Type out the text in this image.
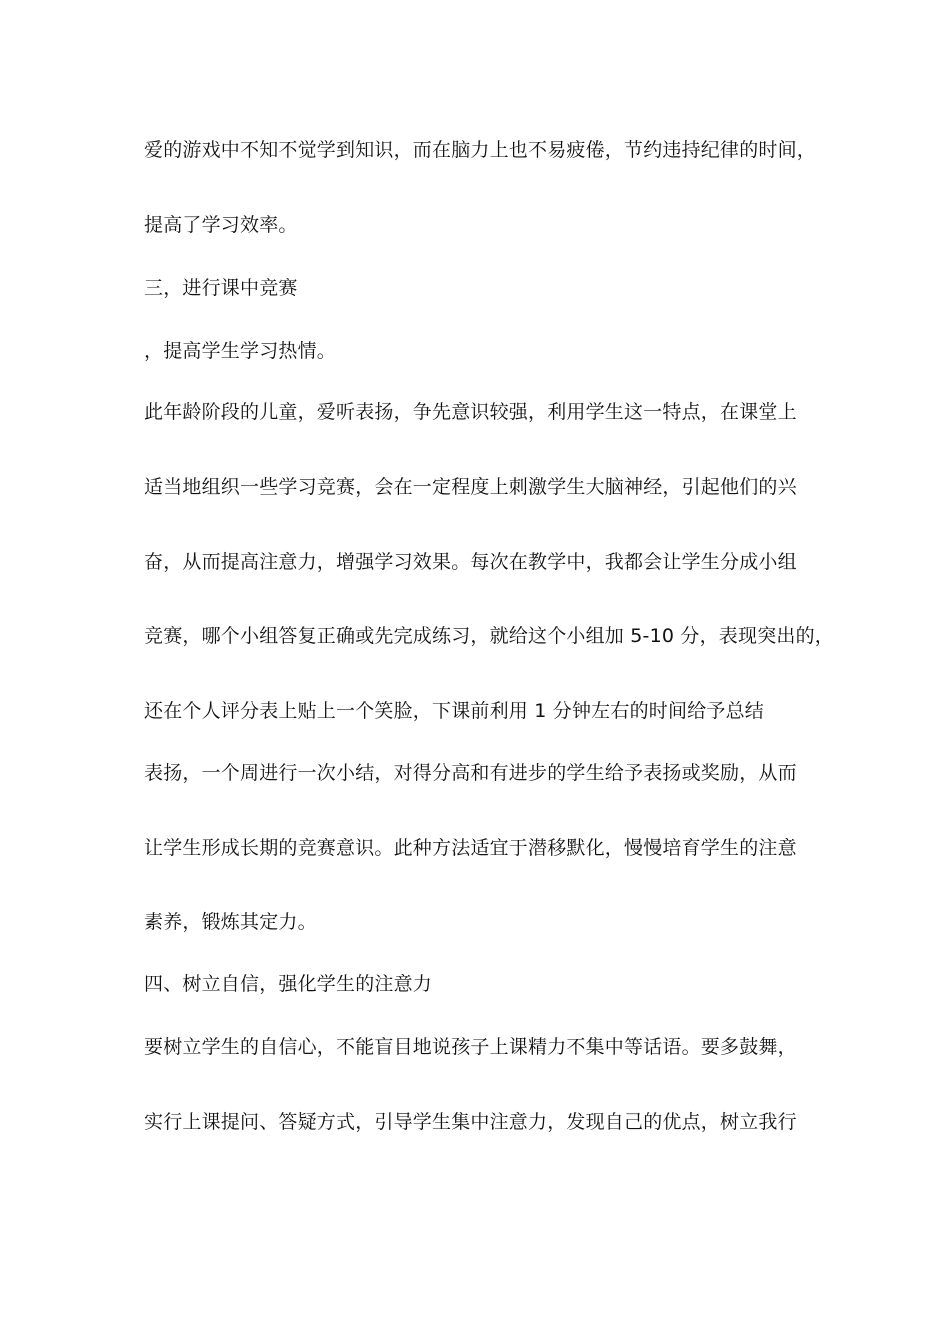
爱的游戏中不知不觉学到知识，而在脑力上也不易疲倦，节约违持纪律的时间，

提高了学习效率。

三，进行课中竞赛

，提高学生学习热情。

此年龄阶段的儿童，爱听表扬，争先意识较强，利用学生这一特点，在课堂上

适当地组织一些学习竞赛，会在一定程度上刺激学生大脑神经，引起他们的兴

奋，从而提高注意力，增强学习效果。每次在教学中，我都会让学生分成小组

竞赛，哪个小组答复正确或先完成练习，就给这个小组加 5-10 分，表现突出的，

还在个人评分表上贴上一个笑脸，下课前利用 1 分钟左右的时间给予总结

表扬，一个周进行一次小结，对得分高和有进步的学生给予表扬或奖励，从而

让学生形成长期的竞赛意识。此种方法适宜于潜移默化，慢慢培育学生的注意

素养，锻炼其定力。

四、树立自信，强化学生的注意力

要树立学生的自信心，不能盲目地说孩子上课精力不集中等话语。要多鼓舞，

实行上课提问、答疑方式，引导学生集中注意力，发现自己的优点，树立我行
